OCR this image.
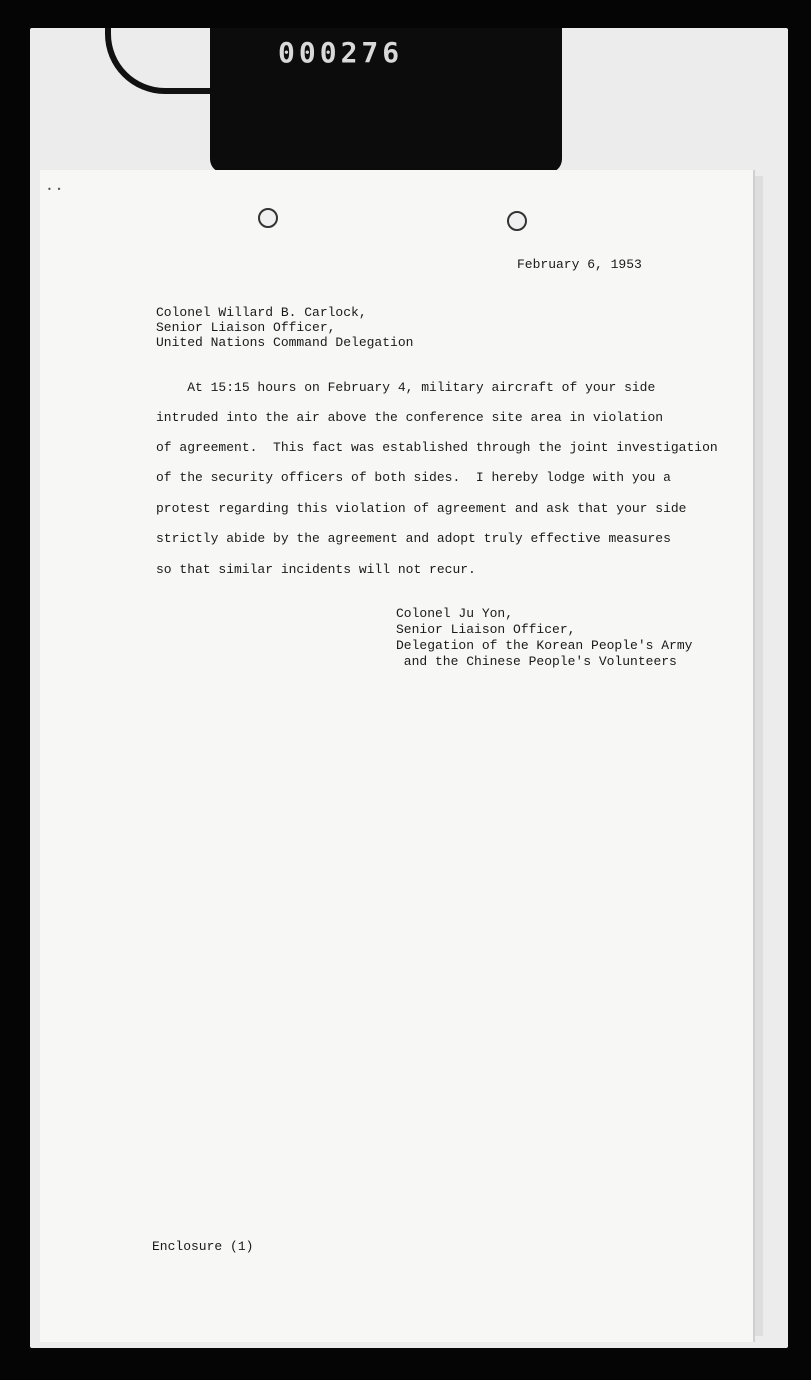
000276
• •
February 6, 1953
Colonel Willard B. Carlock,
Senior Liaison Officer,
United Nations Command Delegation
At 15:15 hours on February 4, military aircraft of your side
intruded into the air above the conference site area in violation
of agreement.  This fact was established through the joint investigation
of the security officers of both sides.  I hereby lodge with you a
protest regarding this violation of agreement and ask that your side
strictly abide by the agreement and adopt truly effective measures
so that similar incidents will not recur.
Colonel Ju Yon,
Senior Liaison Officer,
Delegation of the Korean People's Army
and the Chinese People's Volunteers
Enclosure (1)
